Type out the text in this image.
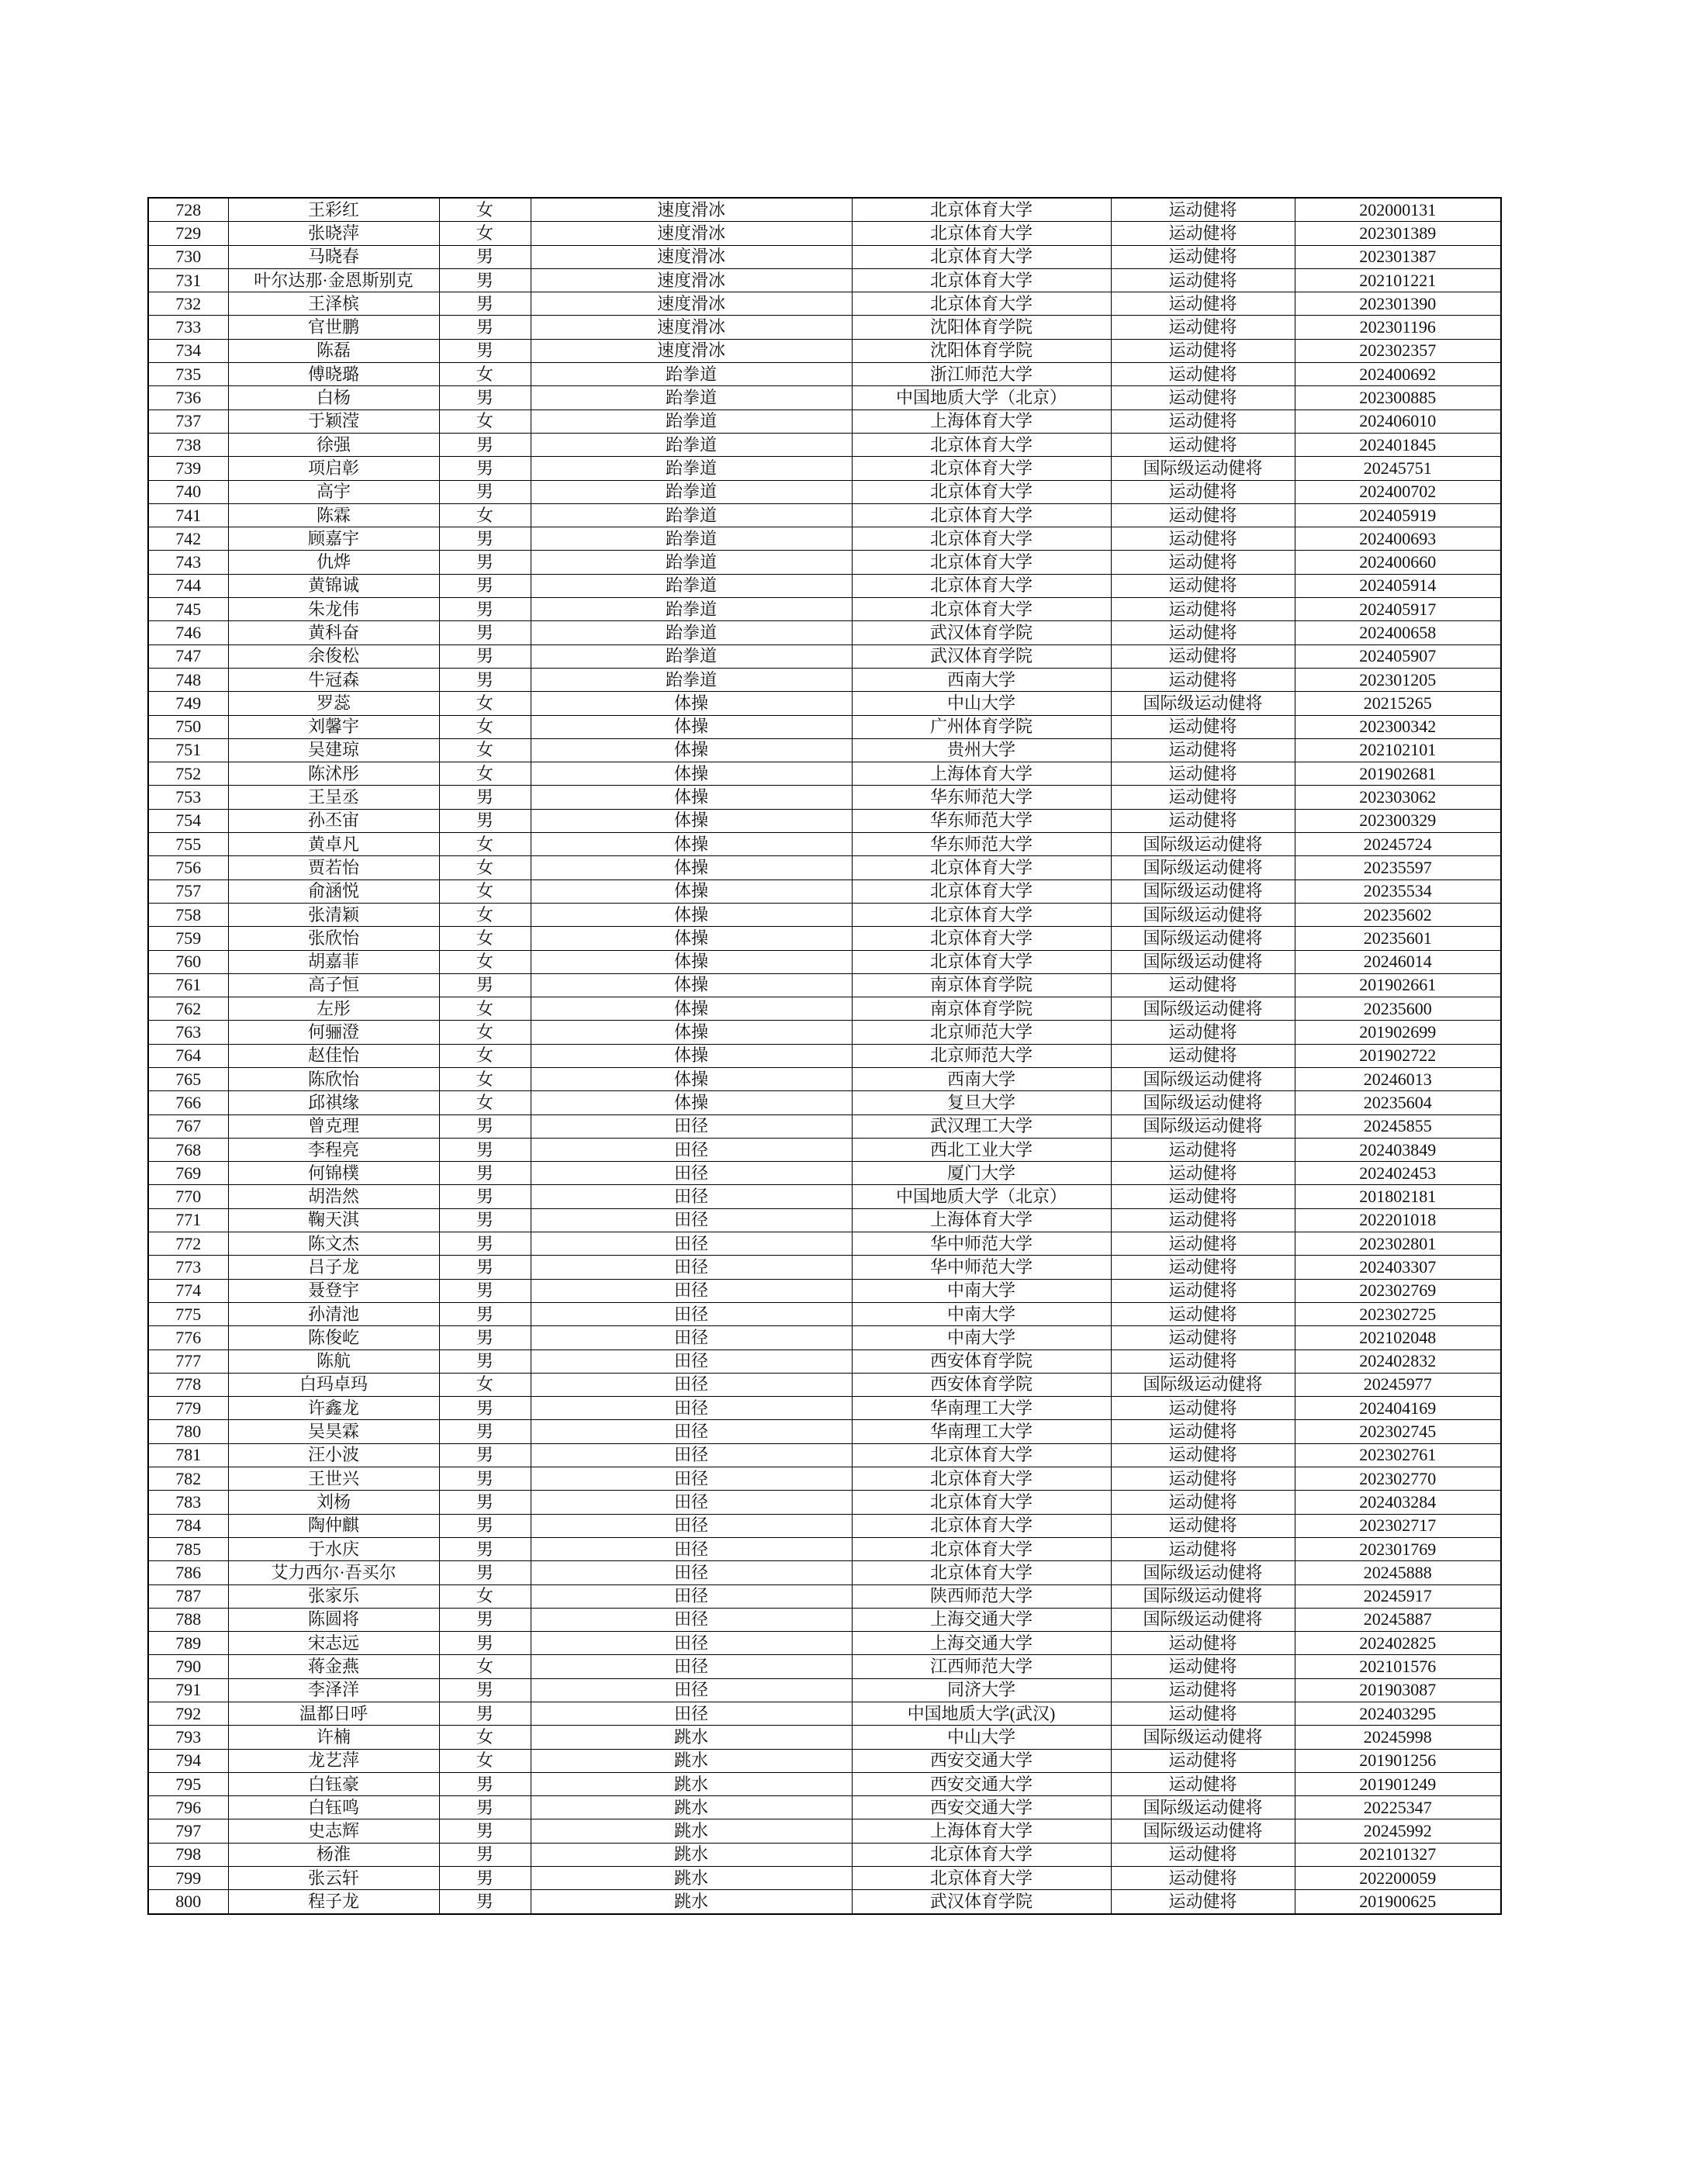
728	王彩红	女	速度滑冰	北京体育大学	运动健将	202000131
729	张晓萍	女	速度滑冰	北京体育大学	运动健将	202301389
730	马晓春	男	速度滑冰	北京体育大学	运动健将	202301387
731	叶尔达那·金恩斯别克	男	速度滑冰	北京体育大学	运动健将	202101221
732	王泽槟	男	速度滑冰	北京体育大学	运动健将	202301390
733	官世鹏	男	速度滑冰	沈阳体育学院	运动健将	202301196
734	陈磊	男	速度滑冰	沈阳体育学院	运动健将	202302357
735	傅晓璐	女	跆拳道	浙江师范大学	运动健将	202400692
736	白杨	男	跆拳道	中国地质大学（北京）	运动健将	202300885
737	于颖滢	女	跆拳道	上海体育大学	运动健将	202406010
738	徐强	男	跆拳道	北京体育大学	运动健将	202401845
739	项启彰	男	跆拳道	北京体育大学	国际级运动健将	20245751
740	高宇	男	跆拳道	北京体育大学	运动健将	202400702
741	陈霖	女	跆拳道	北京体育大学	运动健将	202405919
742	顾嘉宇	男	跆拳道	北京体育大学	运动健将	202400693
743	仇烨	男	跆拳道	北京体育大学	运动健将	202400660
744	黄锦诚	男	跆拳道	北京体育大学	运动健将	202405914
745	朱龙伟	男	跆拳道	北京体育大学	运动健将	202405917
746	黄科奋	男	跆拳道	武汉体育学院	运动健将	202400658
747	余俊松	男	跆拳道	武汉体育学院	运动健将	202405907
748	牛冠森	男	跆拳道	西南大学	运动健将	202301205
749	罗蕊	女	体操	中山大学	国际级运动健将	20215265
750	刘馨宇	女	体操	广州体育学院	运动健将	202300342
751	吴建琼	女	体操	贵州大学	运动健将	202102101
752	陈沭彤	女	体操	上海体育大学	运动健将	201902681
753	王呈丞	男	体操	华东师范大学	运动健将	202303062
754	孙丕宙	男	体操	华东师范大学	运动健将	202300329
755	黄卓凡	女	体操	华东师范大学	国际级运动健将	20245724
756	贾若怡	女	体操	北京体育大学	国际级运动健将	20235597
757	俞涵悦	女	体操	北京体育大学	国际级运动健将	20235534
758	张清颖	女	体操	北京体育大学	国际级运动健将	20235602
759	张欣怡	女	体操	北京体育大学	国际级运动健将	20235601
760	胡嘉菲	女	体操	北京体育大学	国际级运动健将	20246014
761	高子恒	男	体操	南京体育学院	运动健将	201902661
762	左彤	女	体操	南京体育学院	国际级运动健将	20235600
763	何骊澄	女	体操	北京师范大学	运动健将	201902699
764	赵佳怡	女	体操	北京师范大学	运动健将	201902722
765	陈欣怡	女	体操	西南大学	国际级运动健将	20246013
766	邱祺缘	女	体操	复旦大学	国际级运动健将	20235604
767	曾克理	男	田径	武汉理工大学	国际级运动健将	20245855
768	李程亮	男	田径	西北工业大学	运动健将	202403849
769	何锦樸	男	田径	厦门大学	运动健将	202402453
770	胡浩然	男	田径	中国地质大学（北京）	运动健将	201802181
771	鞠天淇	男	田径	上海体育大学	运动健将	202201018
772	陈文杰	男	田径	华中师范大学	运动健将	202302801
773	吕子龙	男	田径	华中师范大学	运动健将	202403307
774	聂登宇	男	田径	中南大学	运动健将	202302769
775	孙清池	男	田径	中南大学	运动健将	202302725
776	陈俊屹	男	田径	中南大学	运动健将	202102048
777	陈航	男	田径	西安体育学院	运动健将	202402832
778	白玛卓玛	女	田径	西安体育学院	国际级运动健将	20245977
779	许鑫龙	男	田径	华南理工大学	运动健将	202404169
780	吴昊霖	男	田径	华南理工大学	运动健将	202302745
781	汪小波	男	田径	北京体育大学	运动健将	202302761
782	王世兴	男	田径	北京体育大学	运动健将	202302770
783	刘杨	男	田径	北京体育大学	运动健将	202403284
784	陶仲麒	男	田径	北京体育大学	运动健将	202302717
785	于水庆	男	田径	北京体育大学	运动健将	202301769
786	艾力西尔·吾买尔	男	田径	北京体育大学	国际级运动健将	20245888
787	张家乐	女	田径	陕西师范大学	国际级运动健将	20245917
788	陈圆将	男	田径	上海交通大学	国际级运动健将	20245887
789	宋志远	男	田径	上海交通大学	运动健将	202402825
790	蒋金燕	女	田径	江西师范大学	运动健将	202101576
791	李泽洋	男	田径	同济大学	运动健将	201903087
792	温都日呼	男	田径	中国地质大学(武汉)	运动健将	202403295
793	许楠	女	跳水	中山大学	国际级运动健将	20245998
794	龙艺萍	女	跳水	西安交通大学	运动健将	201901256
795	白钰豪	男	跳水	西安交通大学	运动健将	201901249
796	白钰鸣	男	跳水	西安交通大学	国际级运动健将	20225347
797	史志辉	男	跳水	上海体育大学	国际级运动健将	20245992
798	杨淮	男	跳水	北京体育大学	运动健将	202101327
799	张云轩	男	跳水	北京体育大学	运动健将	202200059
800	程子龙	男	跳水	武汉体育学院	运动健将	201900625
